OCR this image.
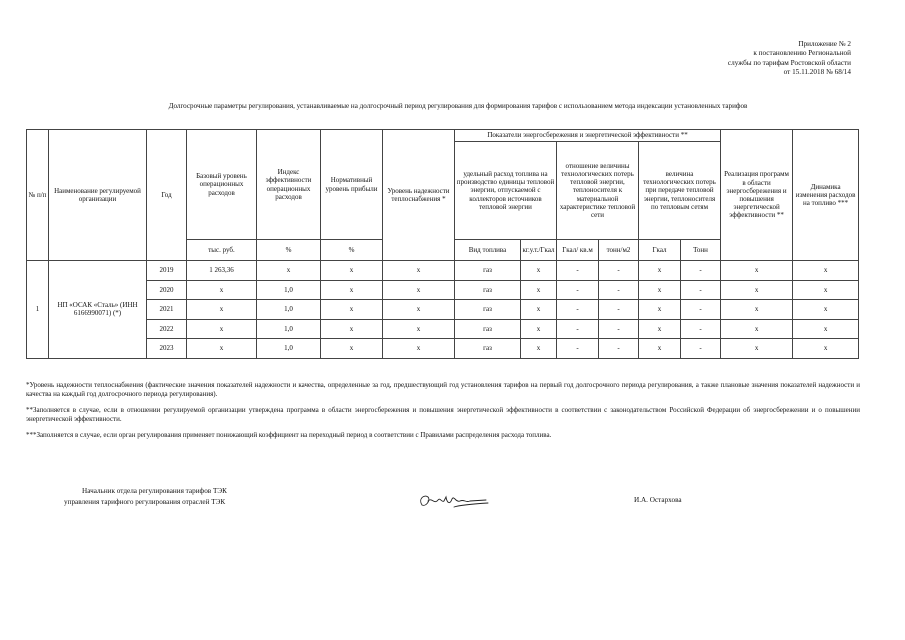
Приложение № 2
к постановлению Региональной
службы по тарифам Ростовской области
от 15.11.2018 № 68/14
Долгосрочные параметры регулирования, устанавливаемые на долгосрочный период регулирования для формирования тарифов с использованием метода индексации установленных тарифов
№ п/п	Наименование регулируемой организации	Год	Базовый уровень операционных расходов	Индекс эффективности операционных расходов	Нормативный уровень прибыли	Уровень надежности теплоснабжения *	Показатели энергосбережения и энергетической эффективности **						Реализация программ в области энергосбережения и повышения энергетической эффективности **	Динамика изменения расходов на топливо ***
							удельный расход топлива на производство единицы тепловой энергии, отпускаемой с коллекторов источников тепловой энергии		отношение величины технологических потерь тепловой энергии, теплоносителя к материальной характеристике тепловой сети		величина технологических потерь при передаче тепловой энергии, теплоносителя по тепловым сетям			
			тыс. руб.	%	%		Вид топлива	кг.у.т./Гкал	Гкал/ кв.м	тонн/м2	Гкал	Тонн		
1	НП «ОСАК «Сталь» (ИНН 6166990071) (*)	2019	1 263,36	х	х	х	газ	х	-	-	х	-	х	х
		2020	х	1,0	х	х	газ	х	-	-	х	-	х	х
		2021	х	1,0	х	х	газ	х	-	-	х	-	х	х
		2022	х	1,0	х	х	газ	х	-	-	х	-	х	х
		2023	х	1,0	х	х	газ	х	-	-	х	-	х	х

*Уровень надежности теплоснабжения (фактические значения показателей надежности и качества, определенные за год, предшествующий год установления тарифов на первый год долгосрочного периода регулирования, а также плановые значения показателей надежности и качества на каждый год долгосрочного периода регулирования).

**Заполняется в случае, если в отношении регулируемой организации утверждена программа в области энергосбережения и повышения энергетической эффективности в соответствии с законодательством Российской Федерации об энергосбережении и о повышении энергетической эффективности.

***Заполняется в случае, если орган регулирования применяет понижающий коэффициент на переходный период в соответствии с Правилами распределения расхода топлива.

Начальник отдела регулирования тарифов ТЭК
управления тарифного регулирования отраслей ТЭК	И.А. Остархова
